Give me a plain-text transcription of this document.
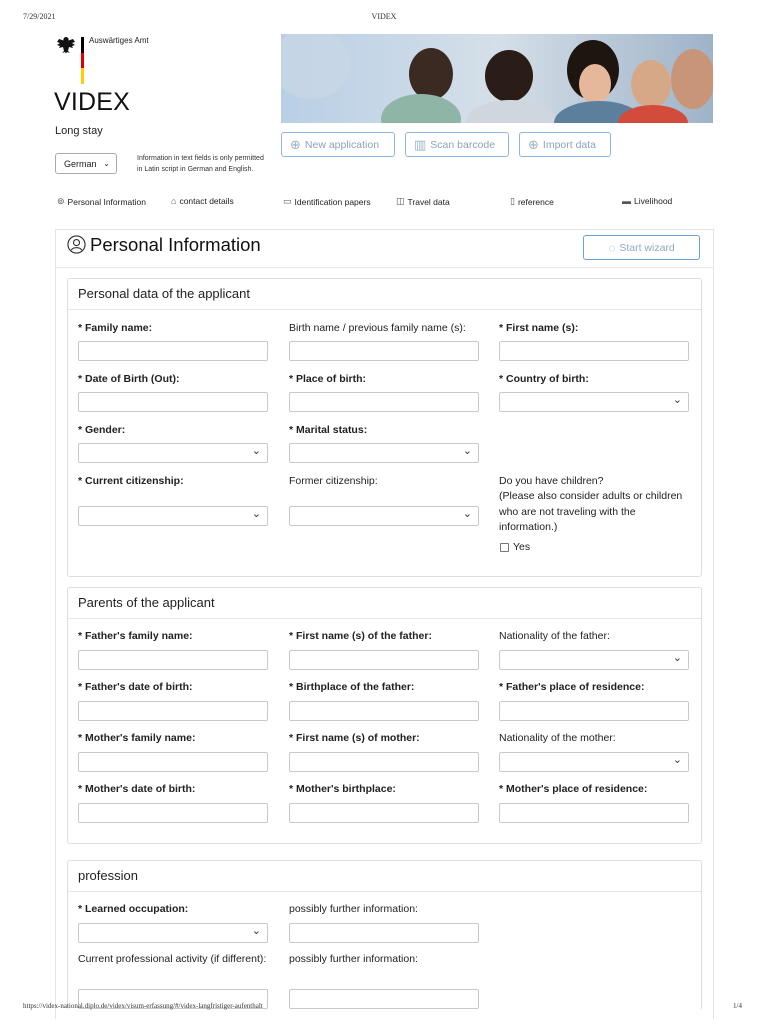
7/29/2021	VIDEX
Auswärtiges Amt
VIDEX
Long stay
German ⌄
Information in text fields is only permitted in Latin script in German and English.
⊕ New application	▥ Scan barcode	⊕ Import data
⊚ Personal Information	⌂ contact details	▭ Identification papers	◫ Travel data	▯ reference	▬ Livelihood
Personal Information	◌ Start wizard
Personal data of the applicant
* Family name:	Birth name / previous family name (s):	* First name (s):
* Date of Birth (Out):	* Place of birth:	* Country of birth:
⌄
* Gender:	* Marital status:
⌄
⌄
* Current citizenship:	Former citizenship:	Do you have children?
(Please also consider adults or children who are not traveling with the information.)
⌄
⌄
Yes
Parents of the applicant
* Father's family name:	* First name (s) of the father:	Nationality of the father:
⌄
* Father's date of birth:	* Birthplace of the father:	* Father's place of residence:
* Mother's family name:	* First name (s) of mother:	Nationality of the mother:
⌄
* Mother's date of birth:	* Mother's birthplace:	* Mother's place of residence:
profession
* Learned occupation:	possibly further information:
⌄
Current professional activity (if different):	possibly further information:
https://videx-national.diplo.de/videx/visum-erfassung/#/videx-langfristiger-aufenthalt	1/4
